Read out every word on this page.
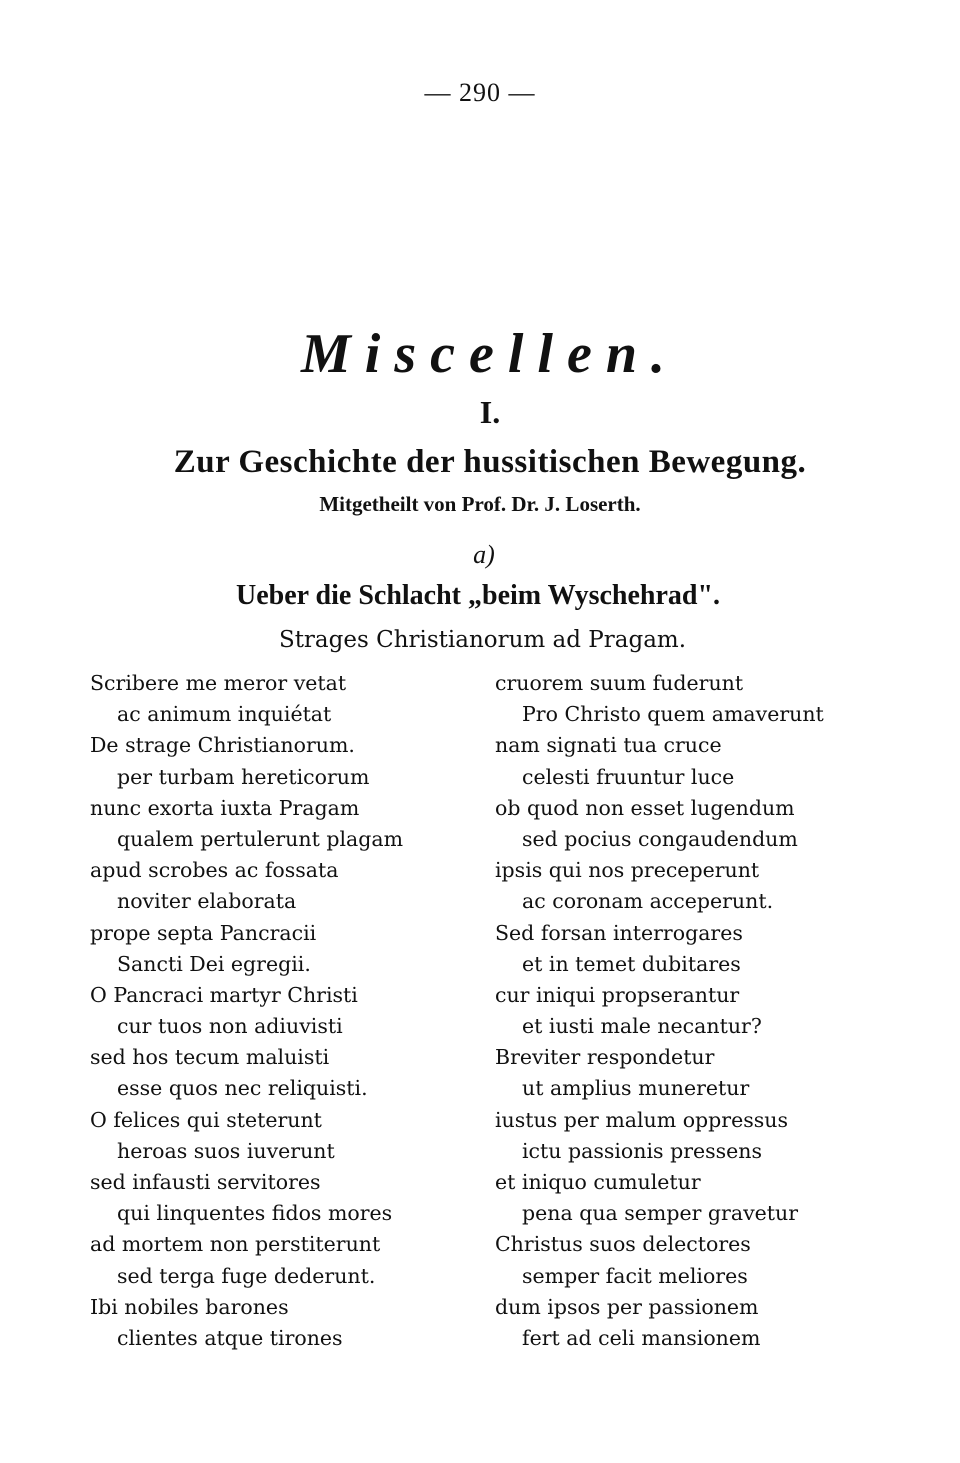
— 290 —
Miscellen.
I.
Zur Geschichte der hussitischen Bewegung.
Mitgetheilt von Prof. Dr. J. Loserth.
a)
Ueber die Schlacht „beim Wyschehrad".
Strages Christianorum ad Pragam.
Scribere me meror vetat
ac animum inquiétat
De strage Christianorum.
per turbam hereticorum
nunc exorta iuxta Pragam
qualem pertulerunt plagam
apud scrobes ac fossata
noviter elaborata
prope septa Pancracii
Sancti Dei egregii.
O Pancraci martyr Christi
cur tuos non adiuvisti
sed hos tecum maluisti
esse quos nec reliquisti.
O felices qui steterunt
heroas suos iuverunt
sed infausti servitores
qui linquentes fidos mores
ad mortem non perstiterunt
sed terga fuge dederunt.
Ibi nobiles barones
clientes atque tirones
cruorem suum fuderunt
Pro Christo quem amaverunt
nam signati tua cruce
celesti fruuntur luce
ob quod non esset lugendum
sed pocius congaudendum
ipsis qui nos preceperunt
ac coronam acceperunt.
Sed forsan interrogares
et in temet dubitares
cur iniqui propserantur
et iusti male necantur?
Breviter respondetur
ut amplius muneretur
iustus per malum oppressus
ictu passionis pressens
et iniquo cumuletur
pena qua semper gravetur
Christus suos delectores
semper facit meliores
dum ipsos per passionem
fert ad celi mansionem
